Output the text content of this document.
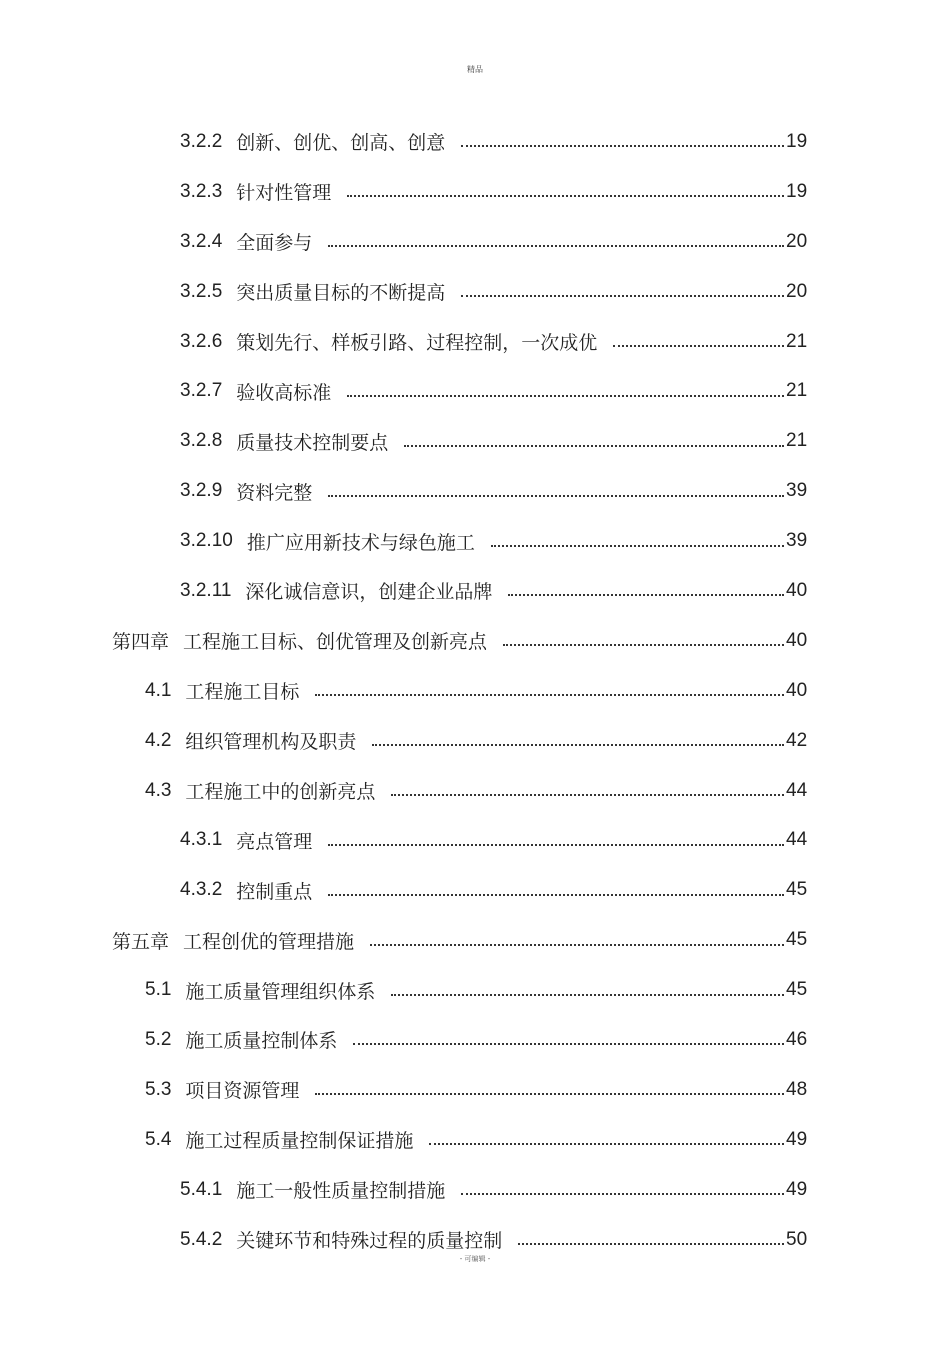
精品
3.2.2 创新、创优、创高、创意	19
3.2.3 针对性管理	19
3.2.4 全面参与	20
3.2.5 突出质量目标的不断提高	20
3.2.6 策划先行、样板引路、过程控制，一次成优	21
3.2.7 验收高标准	21
3.2.8 质量技术控制要点	21
3.2.9 资料完整	39
3.2.10 推广应用新技术与绿色施工	39
3.2.11 深化诚信意识，创建企业品牌	40
第四章 工程施工目标、创优管理及创新亮点	40
4.1 工程施工目标	40
4.2 组织管理机构及职责	42
4.3 工程施工中的创新亮点	44
4.3.1 亮点管理	44
4.3.2 控制重点	45
第五章 工程创优的管理措施	45
5.1 施工质量管理组织体系	45
5.2 施工质量控制体系	46
5.3 项目资源管理	48
5.4 施工过程质量控制保证措施	49
5.4.1 施工一般性质量控制措施	49
5.4.2 关键环节和特殊过程的质量控制	50
- 可编辑 -
